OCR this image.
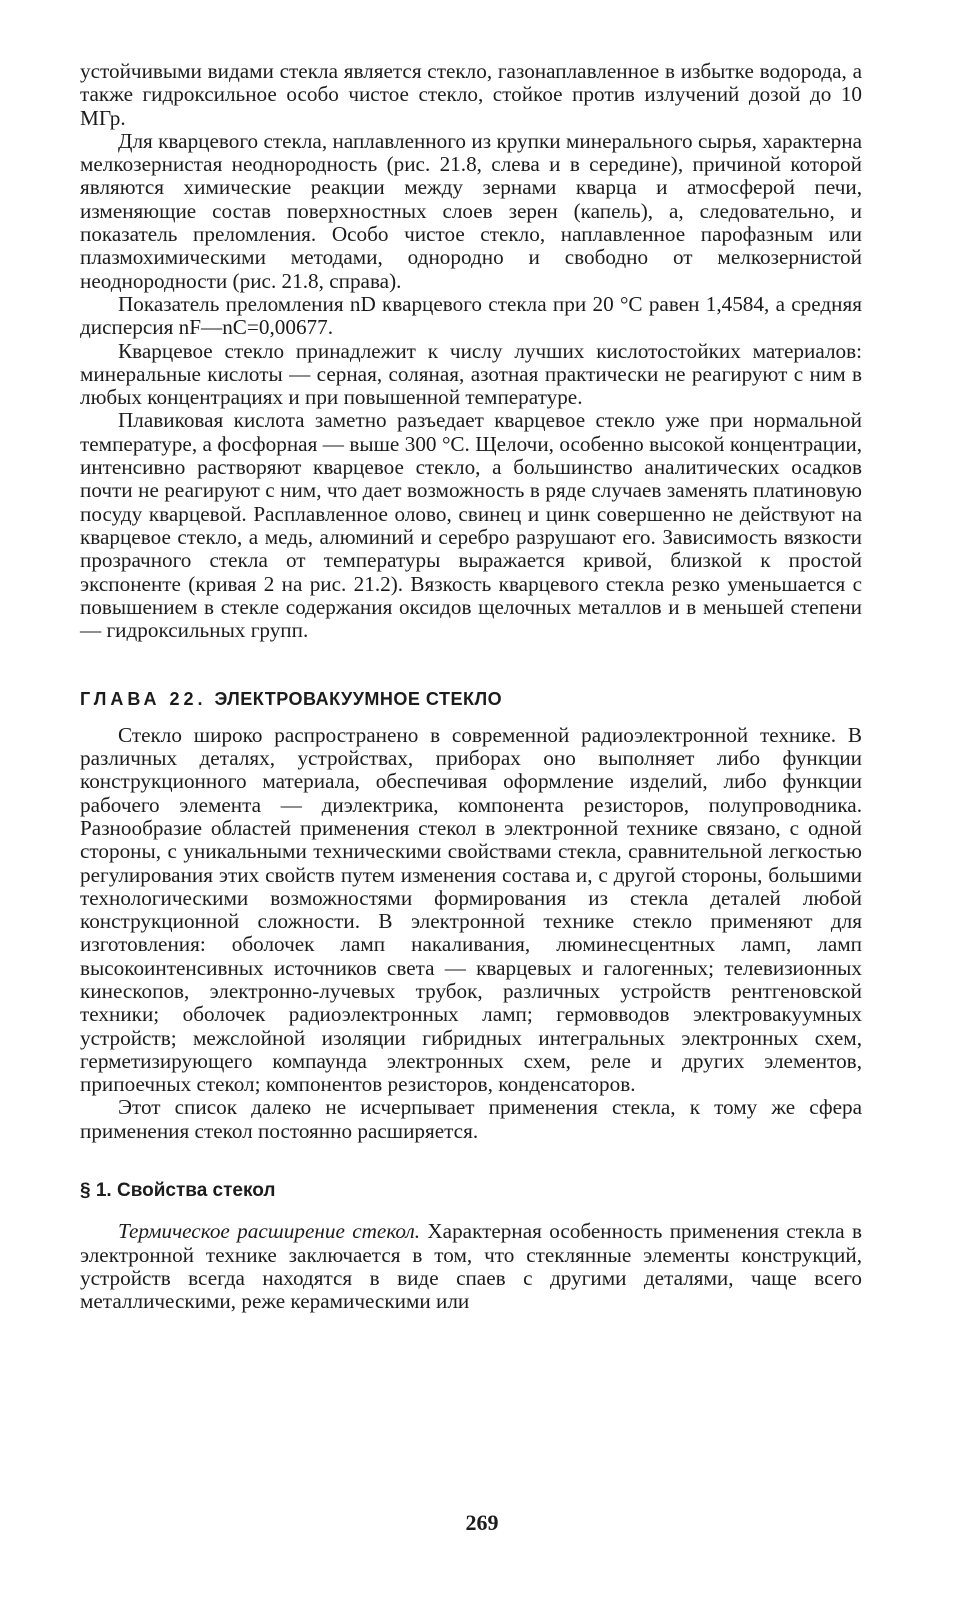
устойчивыми видами стекла является стекло, газонаплавленное в избытке водорода, а также гидроксильное особо чистое стекло, стойкое против излучений дозой до 10 МГр.

Для кварцевого стекла, наплавленного из крупки минерального сырья, характерна мелкозернистая неоднородность (рис. 21.8, слева и в середине), причиной которой являются химические реакции между зернами кварца и атмосферой печи, изменяющие состав поверхностных слоев зерен (капель), а, следовательно, и показатель преломления. Особо чистое стекло, наплавленное парофазным или плазмохимическими методами, однородно и свободно от мелкозернистой неоднородности (рис. 21.8, справа).

Показатель преломления nD кварцевого стекла при 20 °С равен 1,4584, а средняя дисперсия nF—nC=0,00677.

Кварцевое стекло принадлежит к числу лучших кислотостойких материалов: минеральные кислоты — серная, соляная, азотная практически не реагируют с ним в любых концентрациях и при повышенной температуре.

Плавиковая кислота заметно разъедает кварцевое стекло уже при нормальной температуре, а фосфорная — выше 300 °С. Щелочи, особенно высокой концентрации, интенсивно растворяют кварцевое стекло, а большинство аналитических осадков почти не реагируют с ним, что дает возможность в ряде случаев заменять платиновую посуду кварцевой. Расплавленное олово, свинец и цинк совершенно не действуют на кварцевое стекло, а медь, алюминий и серебро разрушают его. Зависимость вязкости прозрачного стекла от температуры выражается кривой, близкой к простой экспоненте (кривая 2 на рис. 21.2). Вязкость кварцевого стекла резко уменьшается с повышением в стекле содержания оксидов щелочных металлов и в меньшей степени — гидроксильных групп.

ГЛАВА 22. ЭЛЕКТРОВАКУУМНОЕ СТЕКЛО

Стекло широко распространено в современной радиоэлектронной технике. В различных деталях, устройствах, приборах оно выполняет либо функции конструкционного материала, обеспечивая оформление изделий, либо функции рабочего элемента — диэлектрика, компонента резисторов, полупроводника. Разнообразие областей применения стекол в электронной технике связано, с одной стороны, с уникальными техническими свойствами стекла, сравнительной легкостью регулирования этих свойств путем изменения состава и, с другой стороны, большими технологическими возможностями формирования из стекла деталей любой конструкционной сложности. В электронной технике стекло применяют для изготовления: оболочек ламп накаливания, люминесцентных ламп, ламп высокоинтенсивных источников света — кварцевых и галогенных; телевизионных кинескопов, электронно-лучевых трубок, различных устройств рентгеновской техники; оболочек радиоэлектронных ламп; гермовводов электровакуумных устройств; межслойной изоляции гибридных интегральных электронных схем, герметизирующего компаунда электронных схем, реле и других элементов, припоечных стекол; компонентов резисторов, конденсаторов.

Этот список далеко не исчерпывает применения стекла, к тому же сфера применения стекол постоянно расширяется.

§ 1. Свойства стекол

Термическое расширение стекол. Характерная особенность применения стекла в электронной технике заключается в том, что стеклянные элементы конструкций, устройств всегда находятся в виде спаев с другими деталями, чаще всего металлическими, реже керамическими или

269
